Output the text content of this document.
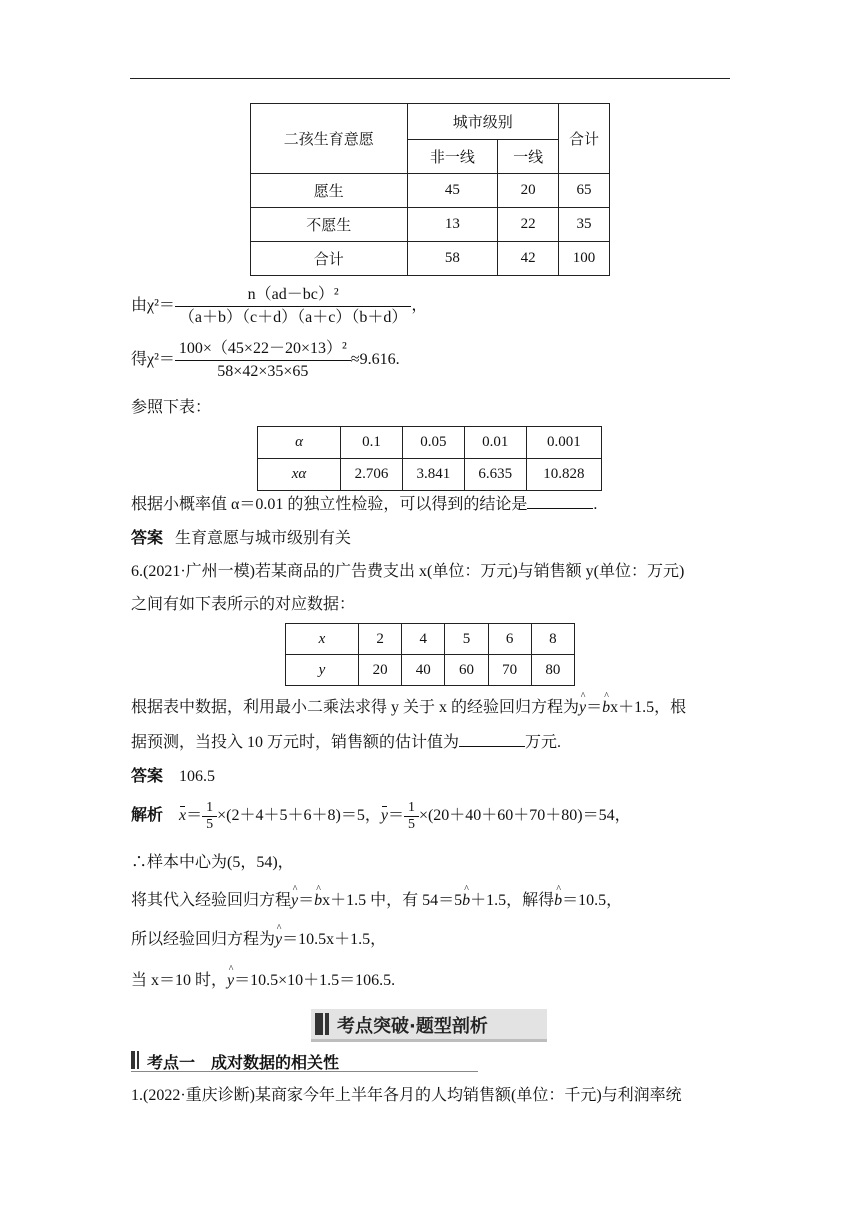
二孩生育意愿	城市级别		合计
	非一线	一线	
愿生	45	20	65
不愿生	13	22	35
合计	58	42	100
由$\chi^2= \frac{\text{n（ad－bc）²}}{(a+b)(c+d)(a+c)(b+d)}$ ，
得$\chi^2= \frac{\text{100×（45×22－20×13）²}}{58\times 42\times 35\times 65} \approx 9.616$.
参照下表：
α	0.1	0.05	0.01	0.001
xα	2.706	3.841	6.635	10.828
根据小概率值 α＝0.01 的独立性检验，可以得到的结论是	.
答案 生育意愿与城市级别有关
6.(2021·广州一模)若某商品的广告费支出 x(单位：万元)与销售额 y(单位：万元)
之间有如下表所示的对应数据：
x	2	4	5	6	8
y	20	40	60	70	80
根据表中数据，利用最小二乘法求得 y 关于 x 的经验回归方程为^ y＝^ bx＋1.5，根
据预测，当投入 10 万元时，销售额的估计值为	万元.
答案 106.5
解析 $x= \frac{1}{5} \times(2+4+5+6+8)=5$，$y= \frac{1}{5} \times(20+40+60+70+80)=54$，
∴样本中心为(5，54)，
将其代入经验回归方程^ y＝^ bx＋1.5 中，有 54＝5^ b＋1.5，解得^ b＝10.5，
所以经验回归方程为^ y＝10.5x＋1.5，
当 x＝10 时，^ y＝10.5×10＋1.5＝106.5.
考点突破·题型剖析
考点一　成对数据的相关性
1.(2022·重庆诊断)某商家今年上半年各月的人均销售额(单位：千元)与利润率统
